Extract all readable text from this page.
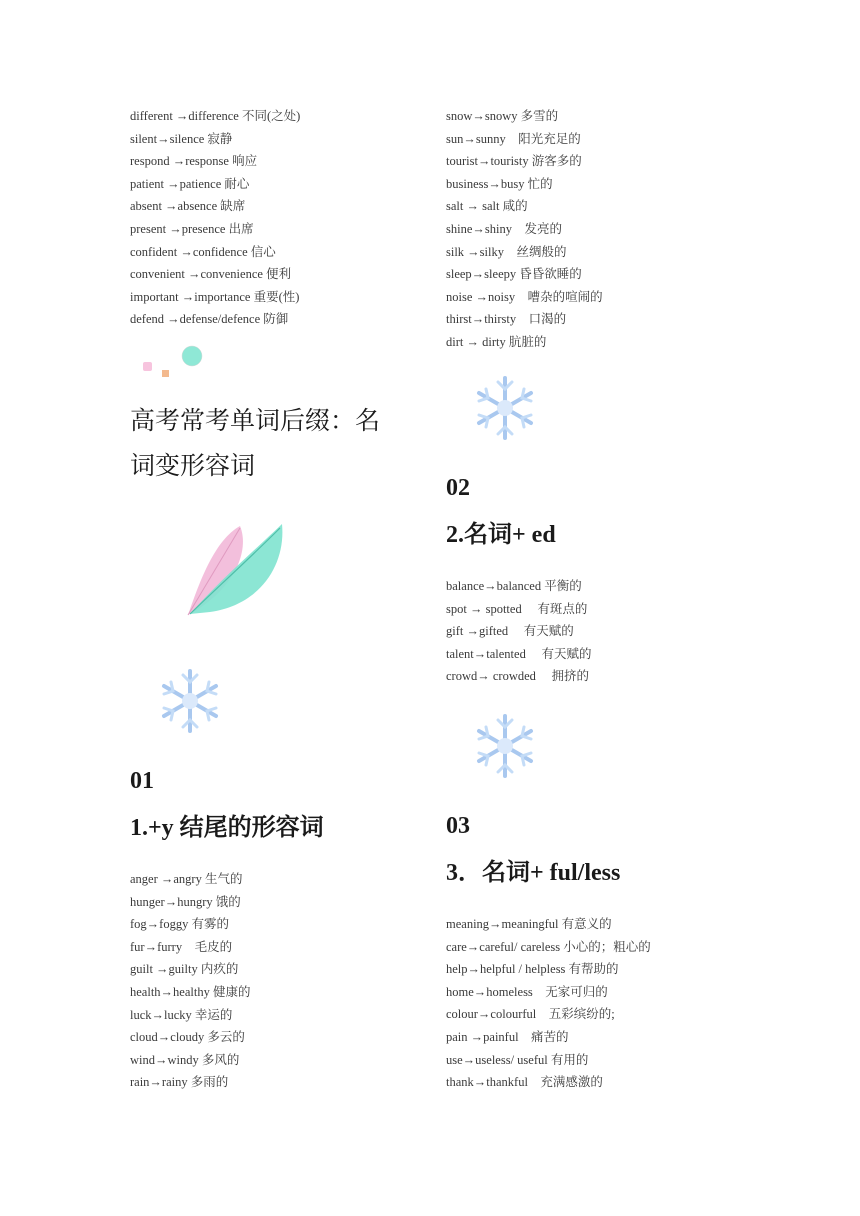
different →difference 不同(之处)
silent→silence 寂静
respond →response 响应
patient →patience 耐心
absent →absence 缺席
present →presence 出席
confident →confidence 信心
convenient →convenience 便利
important →importance 重要(性)
defend →defense/defence 防御

高考常考单词后缀：名

词变形容词

01

1.+y 结尾的形容词

anger →angry 生气的
hunger→hungry 饿的
fog→foggy 有雾的
fur→furry　毛皮的
guilt →guilty 内疚的
health→healthy 健康的
luck→lucky 幸运的
cloud→cloudy 多云的
wind→windy 多风的
rain→rainy 多雨的
snow→snowy 多雪的
sun→sunny　阳光充足的
tourist→touristy 游客多的
business→busy 忙的
salt → salt 咸的
shine→shiny　发亮的
silk →silky　丝绸般的
sleep→sleepy 昏昏欲睡的
noise →noisy　嘈杂的喧闹的
thirst→thirsty　口渴的
dirt → dirty 肮脏的

02

2.名词+ ed

balance→balanced 平衡的
spot → spotted　 有斑点的
gift →gifted　 有天赋的
talent→talented　 有天赋的
crowd→ crowded　 拥挤的

03

3．名词+ ful/less

meaning→meaningful 有意义的
care→careful/ careless 小心的；粗心的
help→helpful / helpless 有帮助的
home→homeless　无家可归的
colour→colourful　五彩缤纷的;
pain →painful　痛苦的
use→useless/ useful 有用的
thank→thankful　充满感激的
